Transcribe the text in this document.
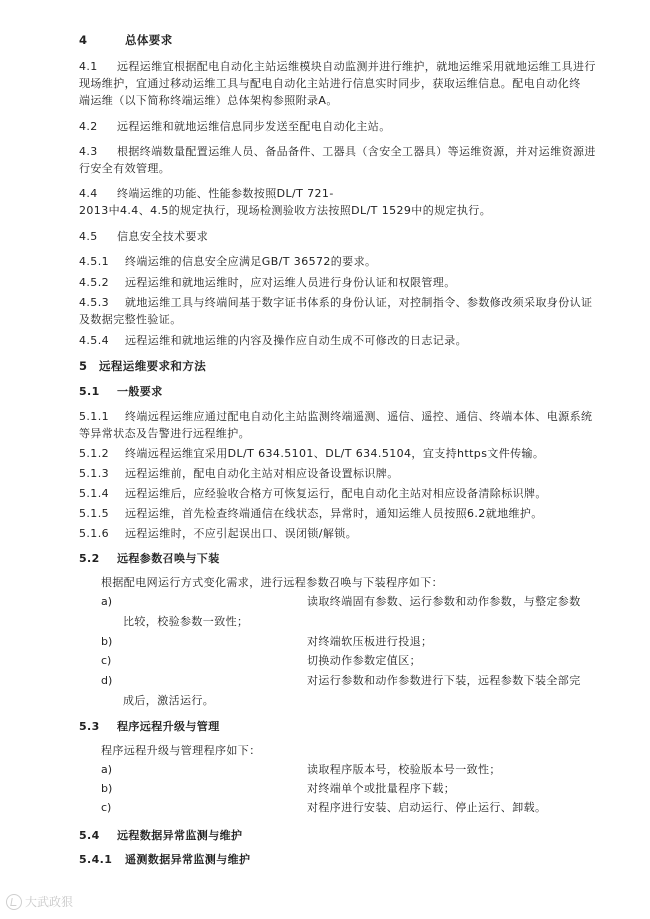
4	总体要求
4.1 远程运维宜根据配电自动化主站运维模块自动监测并进行维护，就地运维采用就地运维工具进行
现场维护，宜通过移动运维工具与配电自动化主站进行信息实时同步，获取运维信息。配电自动化终
端运维（以下简称终端运维）总体架构参照附录A。
4.2 远程运维和就地运维信息同步发送至配电自动化主站。
4.3 根据终端数量配置运维人员、备品备件、工器具（含安全工器具）等运维资源，并对运维资源进
行安全有效管理。
4.4 终端运维的功能、性能参数按照DL/T 721-
2013中4.4、4.5的规定执行，现场检测验收方法按照DL/T 1529中的规定执行。
4.5 信息安全技术要求
4.5.1 终端运维的信息安全应满足GB/T 36572的要求。
4.5.2 远程运维和就地运维时，应对运维人员进行身份认证和权限管理。
4.5.3 就地运维工具与终端间基于数字证书体系的身份认证，对控制指令、参数修改须采取身份认证
及数据完整性验证。
4.5.4 远程运维和就地运维的内容及操作应自动生成不可修改的日志记录。
5 远程运维要求和方法
5.1 一般要求
5.1.1 终端远程运维应通过配电自动化主站监测终端遥测、遥信、遥控、通信、终端本体、电源系统
等异常状态及告警进行远程维护。
5.1.2 终端远程运维宜采用DL/T 634.5101、DL/T 634.5104，宜支持https文件传输。
5.1.3 远程运维前，配电自动化主站对相应设备设置标识牌。
5.1.4 远程运维后，应经验收合格方可恢复运行，配电自动化主站对相应设备清除标识牌。
5.1.5 远程运维，首先检查终端通信在线状态，异常时，通知运维人员按照6.2就地维护。
5.1.6 远程运维时，不应引起误出口、误闭锁/解锁。
5.2 远程参数召唤与下装
根据配电网运行方式变化需求，进行远程参数召唤与下装程序如下：
a)	读取终端固有参数、运行参数和动作参数，与整定参数
比较，校验参数一致性；
b)	对终端软压板进行投退；
c)	切换动作参数定值区；
d)	对运行参数和动作参数进行下装，远程参数下装全部完
成后，激活运行。
5.3 程序远程升级与管理
程序远程升级与管理程序如下：
a)	读取程序版本号，校验版本号一致性；
b)	对终端单个或批量程序下载；
c)	对程序进行安装、启动运行、停止运行、卸载。
5.4 远程数据异常监测与维护
5.4.1 遥测数据异常监测与维护
大武政狠
